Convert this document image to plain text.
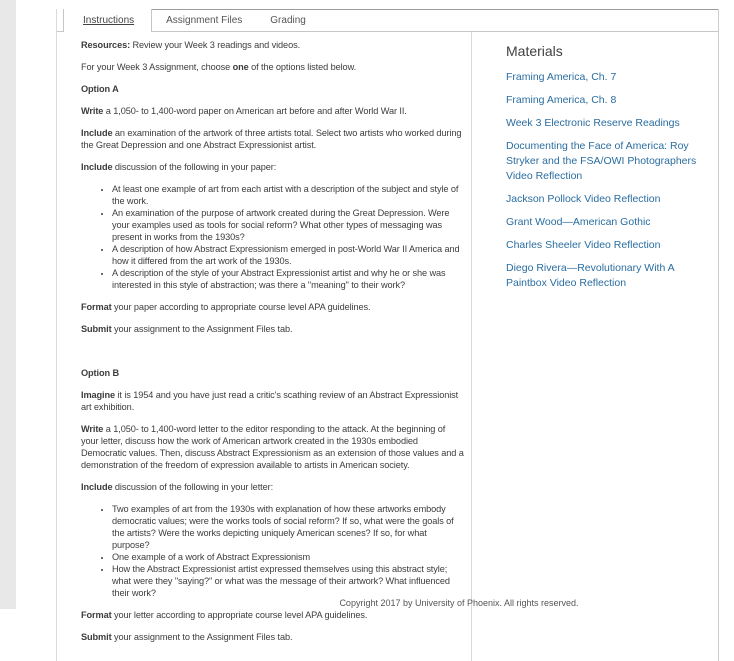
Instructions	Assignment Files	Grading

Resources: Review your Week 3 readings and videos.

For your Week 3 Assignment, choose one of the options listed below.

Option A

Write a 1,050- to 1,400-word paper on American art before and after World War II.

Include an examination of the artwork of three artists total. Select two artists who worked during the Great Depression and one Abstract Expressionist artist.

Include discussion of the following in your paper:

• At least one example of art from each artist with a description of the subject and style of the work.
• An examination of the purpose of artwork created during the Great Depression. Were your examples used as tools for social reform? What other types of messaging was present in works from the 1930s?
• A description of how Abstract Expressionism emerged in post-World War II America and how it differed from the art work of the 1930s.
• A description of the style of your Abstract Expressionist artist and why he or she was interested in this style of abstraction; was there a "meaning" to their work?

Format your paper according to appropriate course level APA guidelines.

Submit your assignment to the Assignment Files tab.

Option B

Imagine it is 1954 and you have just read a critic's scathing review of an Abstract Expressionist art exhibition.

Write a 1,050- to 1,400-word letter to the editor responding to the attack. At the beginning of your letter, discuss how the work of American artwork created in the 1930s embodied Democratic values. Then, discuss Abstract Expressionism as an extension of those values and a demonstration of the freedom of expression available to artists in American society.

Include discussion of the following in your letter:

• Two examples of art from the 1930s with explanation of how these artworks embody democratic values; were the works tools of social reform? If so, what were the goals of the artists? Were the works depicting uniquely American scenes? If so, for what purpose?
• One example of a work of Abstract Expressionism
• How the Abstract Expressionist artist expressed themselves using this abstract style; what were they "saying?" or what was the message of their artwork? What influenced their work?

Format your letter according to appropriate course level APA guidelines.

Submit your assignment to the Assignment Files tab.

Materials
Framing America, Ch. 7
Framing America, Ch. 8
Week 3 Electronic Reserve Readings
Documenting the Face of America: Roy Stryker and the FSA/OWI Photographers Video Reflection
Jackson Pollock Video Reflection
Grant Wood—American Gothic
Charles Sheeler Video Reflection
Diego Rivera—Revolutionary With A Paintbox Video Reflection
Copyright 2017 by University of Phoenix. All rights reserved.
